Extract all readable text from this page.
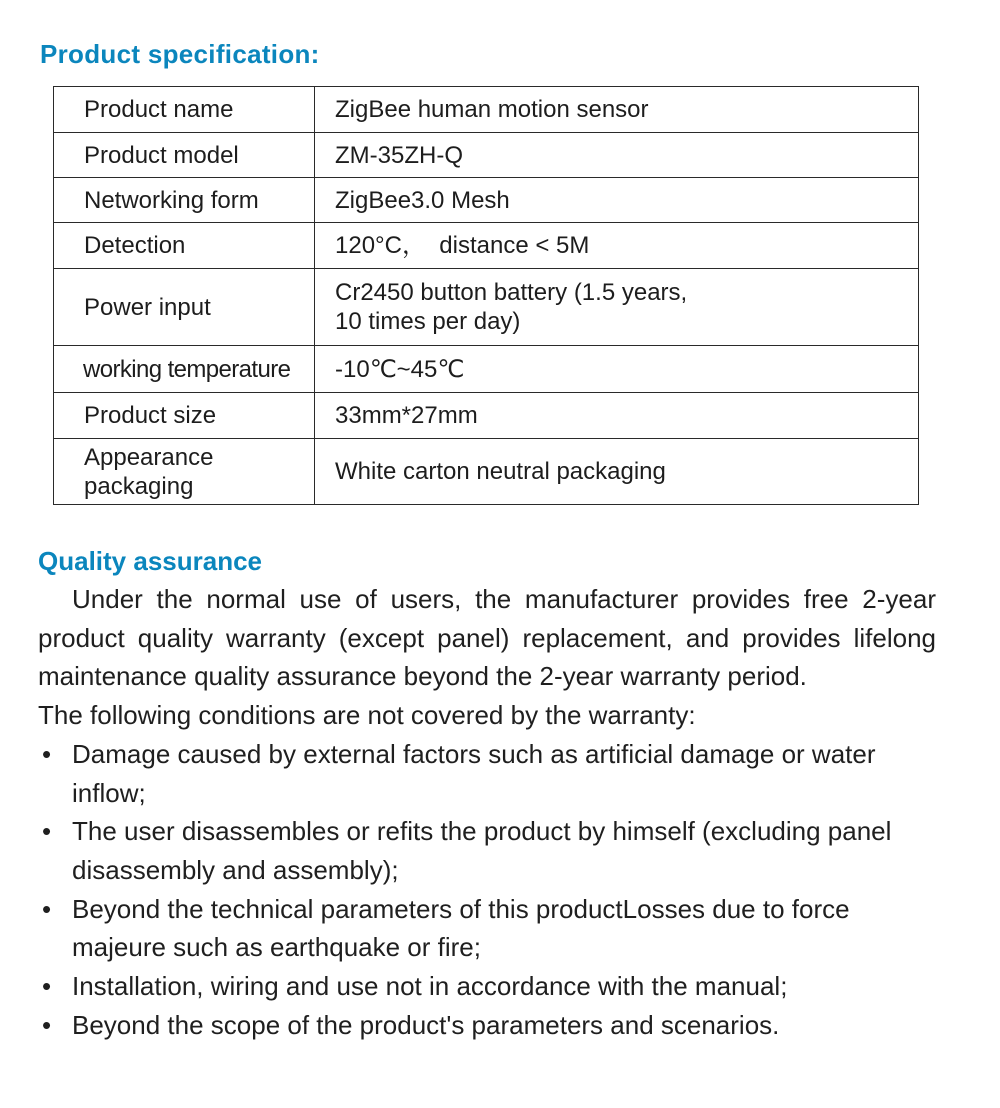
Product specification:
Product name	ZigBee human motion sensor
Product model	ZM-35ZH-Q
Networking form	ZigBee3.0 Mesh
Detection	120°C，  distance < 5M
Power input	Cr2450 button battery (1.5 years,
10 times per day)

working temperature	-10℃~45℃
Product size	33mm*27mm

Appearance
packaging	White carton neutral packaging
Quality assurance

Under the normal use of users, the manufacturer provides free 2-year product quality warranty (except panel) replacement, and provides lifelong maintenance quality assurance beyond the 2-year warranty period.

The following conditions are not covered by the warranty:

• Damage caused by external factors such as artificial damage or water inflow;
• The user disassembles or refits the product by himself (excluding panel disassembly and assembly);
• Beyond the technical parameters of this productLosses due to force majeure such as earthquake or fire;
• Installation, wiring and use not in accordance with the manual;
• Beyond the scope of the product's parameters and scenarios.
